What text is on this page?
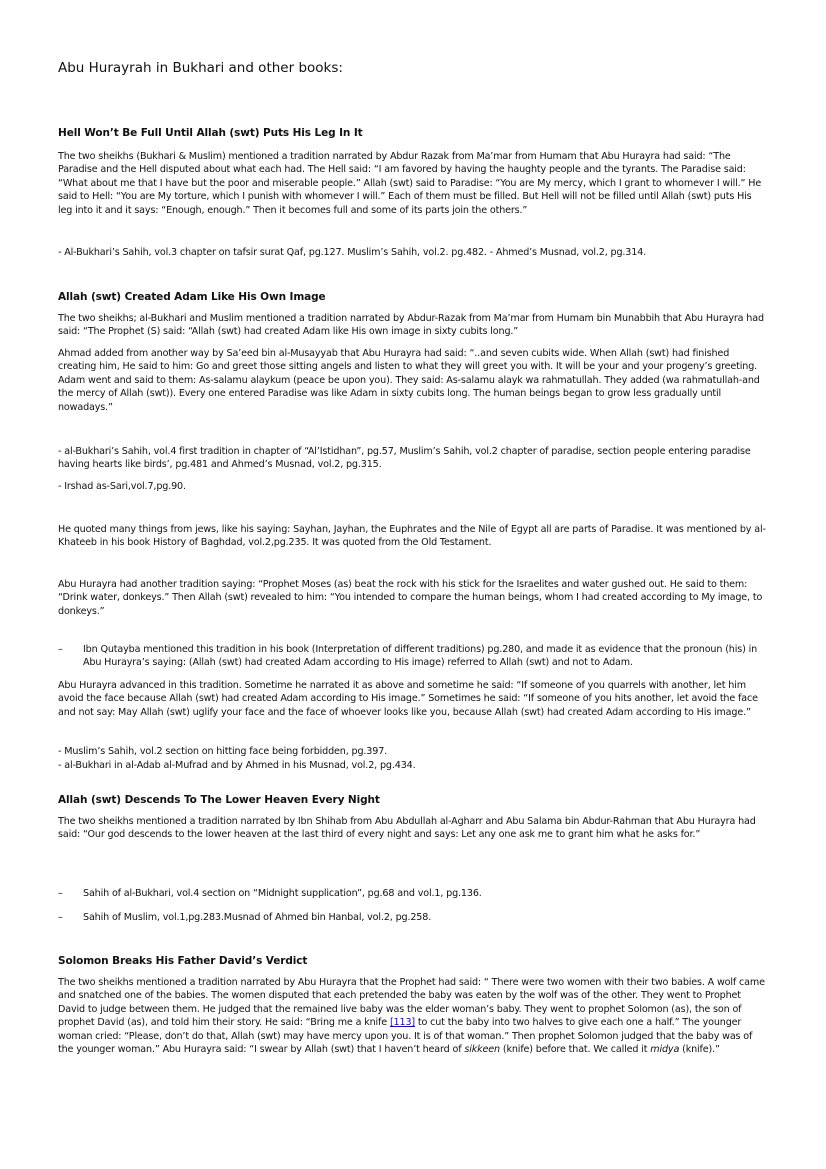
Abu Hurayrah in Bukhari and other books:
Hell Won’t Be Full Until Allah (swt) Puts His Leg In It

The two sheikhs (Bukhari & Muslim) mentioned a tradition narrated by Abdur Razak from Ma’mar from Humam that Abu Hurayra had said: “The Paradise and the Hell disputed about what each had. The Hell said: “I am favored by having the haughty people and the tyrants. The Paradise said: “What about me that I have but the poor and miserable people.” Allah (swt) said to Paradise: “You are My mercy, which I grant to whomever I will.” He said to Hell: “You are My torture, which I punish with whomever I will.” Each of them must be filled. But Hell will not be filled until Allah (swt) puts His leg into it and it says: “Enough, enough.” Then it becomes full and some of its parts join the others.”

- Al-Bukhari’s Sahih, vol.3 chapter on tafsir surat Qaf, pg.127. Muslim’s Sahih, vol.2. pg.482. - Ahmed’s Musnad, vol.2, pg.314.

Allah (swt) Created Adam Like His Own Image

The two sheikhs; al-Bukhari and Muslim mentioned a tradition narrated by Abdur-Razak from Ma’mar from Humam bin Munabbih that Abu Hurayra had said: “The Prophet (S) said: “Allah (swt) had created Adam like His own image in sixty cubits long.”

Ahmad added from another way by Sa’eed bin al-Musayyab that Abu Hurayra had said: “..and seven cubits wide. When Allah (swt) had finished creating him, He said to him: Go and greet those sitting angels and listen to what they will greet you with. It will be your and your progeny’s greeting. Adam went and said to them: As-salamu alaykum (peace be upon you). They said: As-salamu alayk wa rahmatullah. They added (wa rahmatullah-and the mercy of Allah (swt)). Every one entered Paradise was like Adam in sixty cubits long. The human beings began to grow less gradually until nowadays.”

- al-Bukhari’s Sahih, vol.4 first tradition in chapter of “Al’Istidhan”, pg.57, Muslim’s Sahih, vol.2 chapter of paradise, section people entering paradise having hearts like birds’, pg.481 and Ahmed’s Musnad, vol.2, pg.315.

- Irshad as-Sari,vol.7,pg.90.

He quoted many things from jews, like his saying: Sayhan, Jayhan, the Euphrates and the Nile of Egypt all are parts of Paradise. It was mentioned by al-Khateeb in his book History of Baghdad, vol.2,pg.235. It was quoted from the Old Testament.

Abu Hurayra had another tradition saying: “Prophet Moses (as) beat the rock with his stick for the Israelites and water gushed out. He said to them: “Drink water, donkeys.” Then Allah (swt) revealed to him: “You intended to compare the human beings, whom I had created according to My image, to donkeys.”

– Ibn Qutayba mentioned this tradition in his book (Interpretation of different traditions) pg.280, and made it as evidence that the pronoun (his) in Abu Hurayra’s saying: (Allah (swt) had created Adam according to His image) referred to Allah (swt) and not to Adam.

Abu Hurayra advanced in this tradition. Sometime he narrated it as above and sometime he said: “If someone of you quarrels with another, let him avoid the face because Allah (swt) had created Adam according to His image.” Sometimes he said: “If someone of you hits another, let avoid the face and not say: May Allah (swt) uglify your face and the face of whoever looks like you, because Allah (swt) had created Adam according to His image.”

- Muslim’s Sahih, vol.2 section on hitting face being forbidden, pg.397.

- al-Bukhari in al-Adab al-Mufrad and by Ahmed in his Musnad, vol.2, pg.434.

Allah (swt) Descends To The Lower Heaven Every Night

The two sheikhs mentioned a tradition narrated by Ibn Shihab from Abu Abdullah al-Agharr and Abu Salama bin Abdur-Rahman that Abu Hurayra had said: “Our god descends to the lower heaven at the last third of every night and says: Let any one ask me to grant him what he asks for.”

– Sahih of al-Bukhari, vol.4 section on “Midnight supplication”, pg.68 and vol.1, pg.136.
– Sahih of Muslim, vol.1,pg.283.Musnad of Ahmed bin Hanbal, vol.2, pg.258.
Solomon Breaks His Father David’s Verdict

The two sheikhs mentioned a tradition narrated by Abu Hurayra that the Prophet had said: “ There were two women with their two babies. A wolf came and snatched one of the babies. The women disputed that each pretended the baby was eaten by the wolf was of the other. They went to Prophet David to judge between them. He judged that the remained live baby was the elder woman’s baby. They went to prophet Solomon (as), the son of prophet David (as), and told him their story. He said: “Bring me a knife [113] to cut the baby into two halves to give each one a half.” The younger woman cried: “Please, don’t do that, Allah (swt) may have mercy upon you. It is of that woman.” Then prophet Solomon judged that the baby was of the younger woman.” Abu Hurayra said: “I swear by Allah (swt) that I haven’t heard of sikkeen (knife) before that. We called it midya (knife).”
